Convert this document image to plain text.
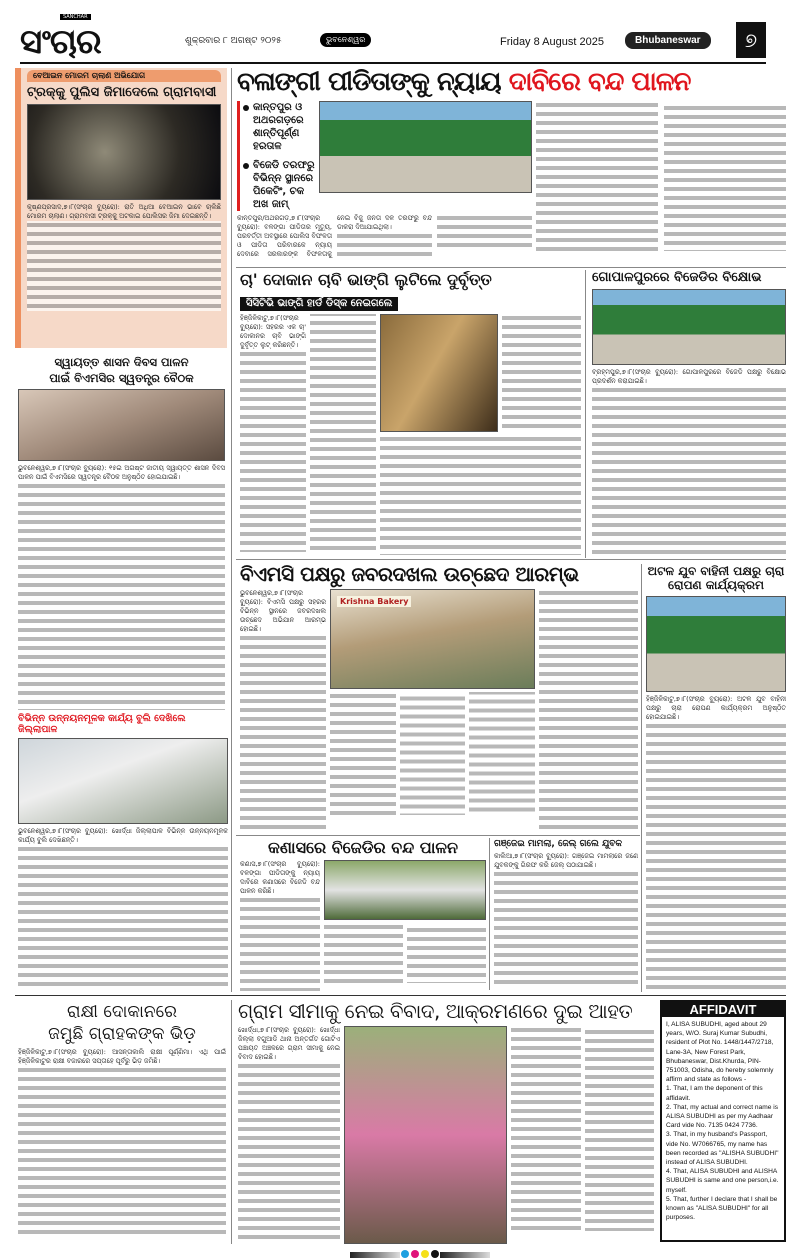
SANCHAR
ସଂଚାର	ଶୁକ୍ରବାର ୮ ଅଗଷ୍ଟ ୨୦୨୫	ଭୁବନେଶ୍ୱର	Friday 8 August 2025	Bhubaneswar	୭
ବେଆଇନ ମୋରମ ଚାଲାଣ ଅଭିଯୋଗ
ଟ୍ରକ୍‌କୁ ପୁଲିସ ଜିମାଦେଲେ ଗ୍ରାମବାସୀ
କୃଷ୍ଣପ୍ରସାଦ,୭।୮(ସଂଚାର ବ୍ୟୁରୋ): ରାତି ଅଧିଆ ବେଆଇନ ଭାବେ ଚାଲିଛି ମୋରମ ଚାଲାଣ। ଗ୍ରାମବାସୀ ଟ୍ରକ୍‌କୁ ଅଟକାଇ ପୋଲିସର ଜିମା ଦେଇଛନ୍ତି।
ସ୍ୱାୟତ୍ତ ଶାସନ ଦିବସ ପାଳନ
ପାଇଁ ବିଏମସିର ସ୍ୱତନ୍ତ୍ର ବୈଠକ
ଭୁବନେଶ୍ୱର,୭।୮(ସଂଚାର ବ୍ୟୁରୋ): ୧୫ଇ ଅଗଷ୍ଟ ଜାତୀୟ ସ୍ୱାୟତ୍ତ ଶାସନ ଦିବସ ପାଳନ ପାଇଁ ବିଏମସିରେ ସ୍ୱତନ୍ତ୍ର ବୈଠକ ଅନୁଷ୍ଠିତ ହୋଇଯାଇଛି।
ବିଭିନ୍ନ ଉନ୍ନୟନମୂଳକ କାର୍ଯ୍ୟ ବୁଲି ଦେଖିଲେ ଜିଲ୍ଲାପାଳ
ଭୁବନେଶ୍ୱର,୭।୮(ସଂଚାର ବ୍ୟୁରୋ): ଖୋର୍ଦ୍ଧା ଜିଲ୍ଲାପାଳ ବିଭିନ୍ନ ଉନ୍ନୟନମୂଳକ କାର୍ଯ୍ୟ ବୁଲି ଦେଖିଛନ୍ତି।
ବଳାଙ୍ଗୀ ପୀଡିତାଙ୍କୁ ନ୍ୟାୟ ଦାବିରେ ବନ୍ଦ ପାଳନ
କାନ୍ତପୁର ଓ ଅଥରଗଡ଼ରେ ଶାନ୍ତିପୂର୍ଣ୍ଣ ହରତାଳ
ବିଜେଡି ତରଫରୁ ବିଭିନ୍ନ ସ୍ଥାନରେ ପିକେଟିଂ, ଚକ ଅଖ ଜାମ୍
କାନ୍ତପୁର/ଅଥରଗଡ଼,୭।୮(ସଂଚାର ବ୍ୟୁରୋ): ବଳଙ୍ଗା ପୀଡିତାର ମୃତ୍ୟୁ, ପରବର୍ତ୍ତୀ ଅବସ୍ଥାରେ ପୋଲିସ ବିଫଳତା ଓ ପୀଡିତା ପରିବାରକେ ନ୍ୟାୟ ଦେବାରେ ସରକାରଙ୍କ ବିଫଳତାକୁ ନେଇ ବିଜୁ ଜନତା ଦଳ ତରଫରୁ ବନ୍ଦ ଡାକରା ଦିଆଯାଇଥିଲା।
ଚା' ଦୋକାନ ଚାବି ଭାଙ୍ଗି ଲୁଟିଲେ ଦୁର୍ବୃତ୍ତ
ସିସିଟିଭି ଭାଙ୍ଗି ହାର୍ଡ ଡିସ୍କ ନେଇଗଲେ
ହିଞ୍ଜିଳିକାଟୁ,୭।୮(ସଂଚାର ବ୍ୟୁରୋ): ସହରର ଏକ ଚା' ଦୋକାନର ଚାବି ଭାଙ୍ଗି ଦୁର୍ବୃତ୍ତ ଲୁଟ୍ କରିଛନ୍ତି।
ଗୋପାଳପୁରରେ ବିଜେଡିର ବିକ୍ଷୋଭ
ବ୍ରହ୍ମପୁର,୭।୮(ସଂଚାର ବ୍ୟୁରୋ): ଗୋପାଳପୁରରେ ବିଜେଡି ପକ୍ଷରୁ ବିକ୍ଷୋଭ ପ୍ରଦର୍ଶନ କରାଯାଇଛି।
ବିଏମସି ପକ୍ଷରୁ ଜବରଦଖଲ ଉଚ୍ଛେଦ ଆରମ୍ଭ
ଭୁବନେଶ୍ୱର,୭।୮(ସଂଚାର ବ୍ୟୁରୋ): ବିଏମସି ପକ୍ଷରୁ ସହରର ବିଭିନ୍ନ ସ୍ଥାନରେ ଜବରଦଖଲ ଉଚ୍ଛେଦ ଅଭିଯାନ ଆରମ୍ଭ ହୋଇଛି।
Krishna Bakery
ଅଟଳ ଯୁବ ବାହିନୀ ପକ୍ଷରୁ ଚାରା ରୋପଣ କାର୍ଯ୍ୟକ୍ରମ
ହିଞ୍ଜିଳିକାଟୁ,୭।୮(ସଂଚାର ବ୍ୟୁରୋ): ଅଟଳ ଯୁବ ବାହିନୀ ପକ୍ଷରୁ ଚାରା ରୋପଣ କାର୍ଯ୍ୟକ୍ରମ ଅନୁଷ୍ଠିତ ହୋଇଯାଇଛି।
କଣାସରେ ବିଜେଡିର ବନ୍ଦ ପାଳନ
କଣାସ,୭।୮(ସଂଚାର ବ୍ୟୁରୋ): ବଳଙ୍ଗା ପୀଡିତାଙ୍କୁ ନ୍ୟାୟ ଦାବିରେ କଣାସରେ ବିଜେଡି ବନ୍ଦ ପାଳନ କରିଛି।
ଗଞ୍ଜେଇ ମାମଲା, ଜେଲ୍ ଗଲେ ଯୁବକ
କାଲିଆ,୭।୮(ସଂଚାର ବ୍ୟୁରୋ): ଗଞ୍ଜେଇ ମାମଲାରେ ଜଣେ ଯୁବକଙ୍କୁ ଗିରଫ କରି ଜେଲ୍ ପଠାଯାଇଛି।
ରାକ୍ଷୀ ଦୋକାନରେ
ଜମୁଛି ଗ୍ରାହକଙ୍କ ଭିଡ଼
ହିଞ୍ଜିଳିକାଟୁ,୭।୮(ସଂଚାର ବ୍ୟୁରୋ): ଆସନ୍ତାକାଲି ରାକ୍ଷୀ ପୂର୍ଣ୍ଣିମା। ଏଥି ପାଇଁ ହିଞ୍ଜିଳିକାଟୁର ରାକ୍ଷୀ ବଜାରରେ ସପ୍ତାହେ ପୂର୍ବରୁ ଭିଡ଼ ଜମିଛି।
ଗ୍ରାମ ସୀମାକୁ ନେଇ ବିବାଦ, ଆକ୍ରମଣରେ ଦୁଇ ଆହତ
ଖୋର୍ଦ୍ଧା,୭।୮(ସଂଚାର ବ୍ୟୁରୋ): ଖୋର୍ଦ୍ଧା ଜିଲ୍ଲା ବଗୁଆଡି ଥାନା ଅନ୍ତର୍ଗତ ଗୋଟିଏ ପଞ୍ଚାୟତ ଅଞ୍ଚଳରେ ଗ୍ରାମ ସୀମାକୁ ନେଇ ବିବାଦ ହୋଇଛି।
AFFIDAVIT
I, ALISA SUBUDHI, aged about 29 years, W/O. Suraj Kumar Subudhi, resident of Plot No. 1448/1447/2718, Lane-3A, New Forest Park, Bhubaneswar, Dist.Khurda, PIN-751003, Odisha, do hereby solemnly affirm and state as follows -
1. That, I am the deponent of this affidavit.
2. That, my actual and correct name is ALISA SUBUDHI as per my Aadhaar Card vide No. 7135 0424 7736.
3. That, in my husband's Passport, vide No. W7066765, my name has been recorded as "ALISHA SUBUDHI" instead of ALISA SUBUDHI.
4. That, ALISA SUBUDHI and ALISHA SUBUDHI is same and one person,i.e. myself.
5. That, further I declare that I shall be known as "ALISA SUBUDHI" for all purposes.
